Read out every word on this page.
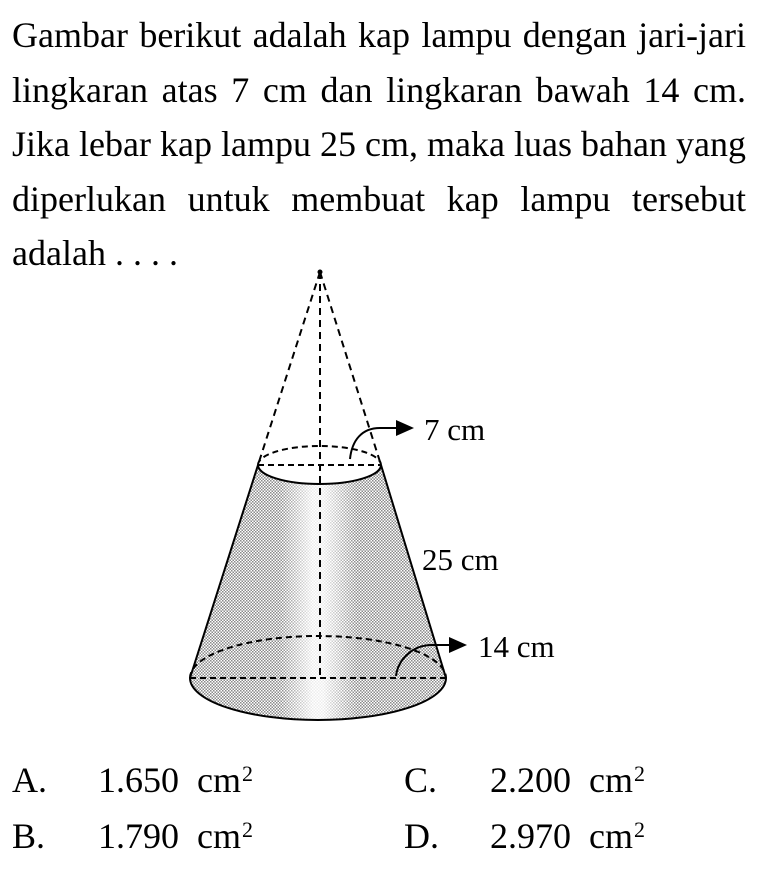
Gambar berikut adalah kap lampu dengan jari-jari lingkaran atas 7 cm dan lingkaran bawah 14 cm. Jika lebar kap lampu 25 cm, maka luas bahan yang diperlukan untuk membuat kap lampu tersebut adalah . . . .

7 cm
25 cm
14 cm
A. 1.650 $cm^2$
B. 1.790 $cm^2$
C. 2.200 $cm^2$
D. 2.970 $cm^2$
